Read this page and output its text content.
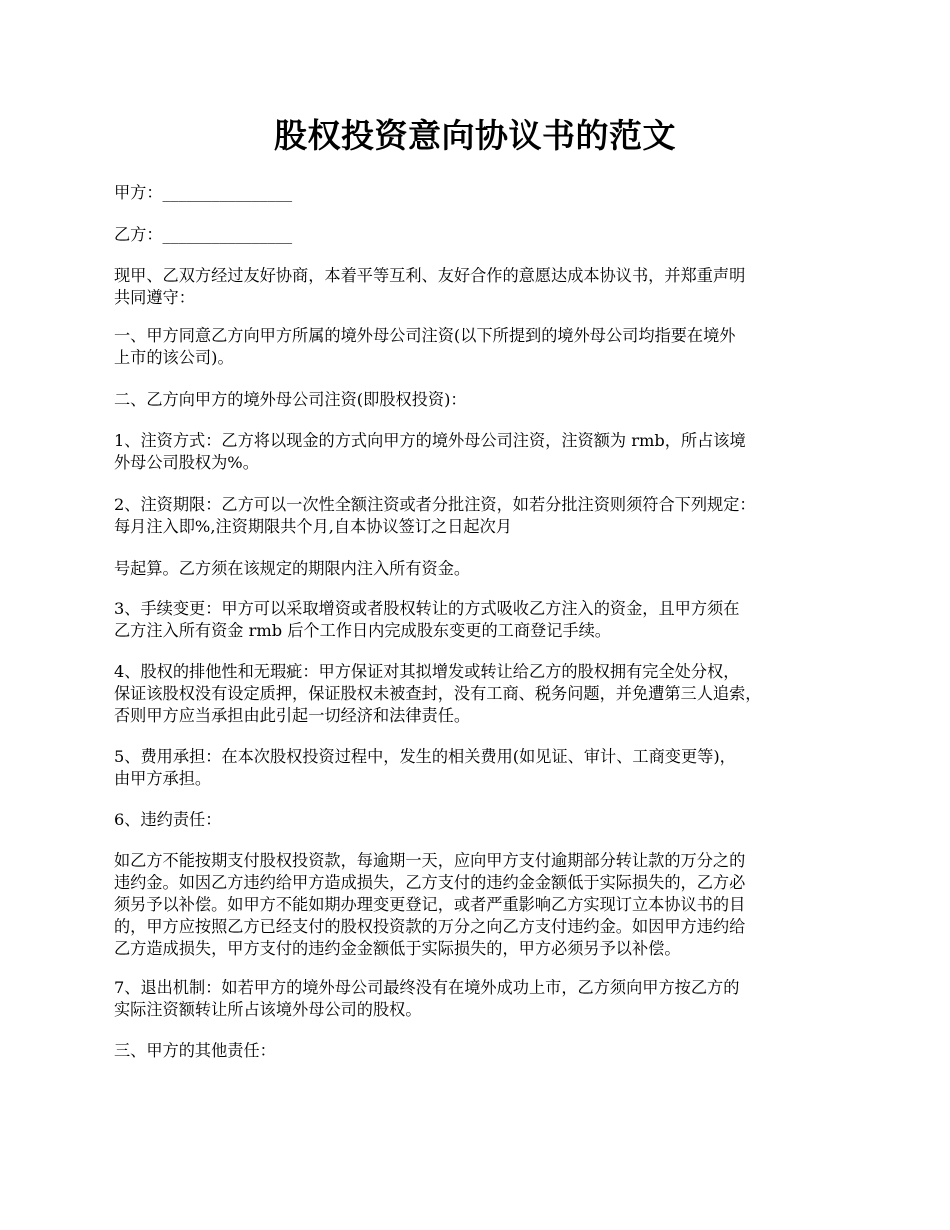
股权投资意向协议书的范文
甲方：________________
乙方：________________
现甲、乙双方经过友好协商，本着平等互利、友好合作的意愿达成本协议书，并郑重声明
共同遵守：
一、甲方同意乙方向甲方所属的境外母公司注资(以下所提到的境外母公司均指要在境外
上市的该公司)。
二、乙方向甲方的境外母公司注资(即股权投资)：
1、注资方式：乙方将以现金的方式向甲方的境外母公司注资，注资额为 rmb，所占该境
外母公司股权为%。
2、注资期限：乙方可以一次性全额注资或者分批注资，如若分批注资则须符合下列规定：
每月注入即%,注资期限共个月,自本协议签订之日起次月
号起算。乙方须在该规定的期限内注入所有资金。
3、手续变更：甲方可以采取增资或者股权转让的方式吸收乙方注入的资金，且甲方须在
乙方注入所有资金 rmb 后个工作日内完成股东变更的工商登记手续。
4、股权的排他性和无瑕疵：甲方保证对其拟增发或转让给乙方的股权拥有完全处分权，
保证该股权没有设定质押，保证股权未被查封，没有工商、税务问题，并免遭第三人追索，
否则甲方应当承担由此引起一切经济和法律责任。
5、费用承担：在本次股权投资过程中，发生的相关费用(如见证、审计、工商变更等)，
由甲方承担。
6、违约责任：
如乙方不能按期支付股权投资款，每逾期一天，应向甲方支付逾期部分转让款的万分之的
违约金。如因乙方违约给甲方造成损失，乙方支付的违约金金额低于实际损失的，乙方必
须另予以补偿。如甲方不能如期办理变更登记，或者严重影响乙方实现订立本协议书的目
的，甲方应按照乙方已经支付的股权投资款的万分之向乙方支付违约金。如因甲方违约给
乙方造成损失，甲方支付的违约金金额低于实际损失的，甲方必须另予以补偿。
7、退出机制：如若甲方的境外母公司最终没有在境外成功上市，乙方须向甲方按乙方的
实际注资额转让所占该境外母公司的股权。
三、甲方的其他责任：
